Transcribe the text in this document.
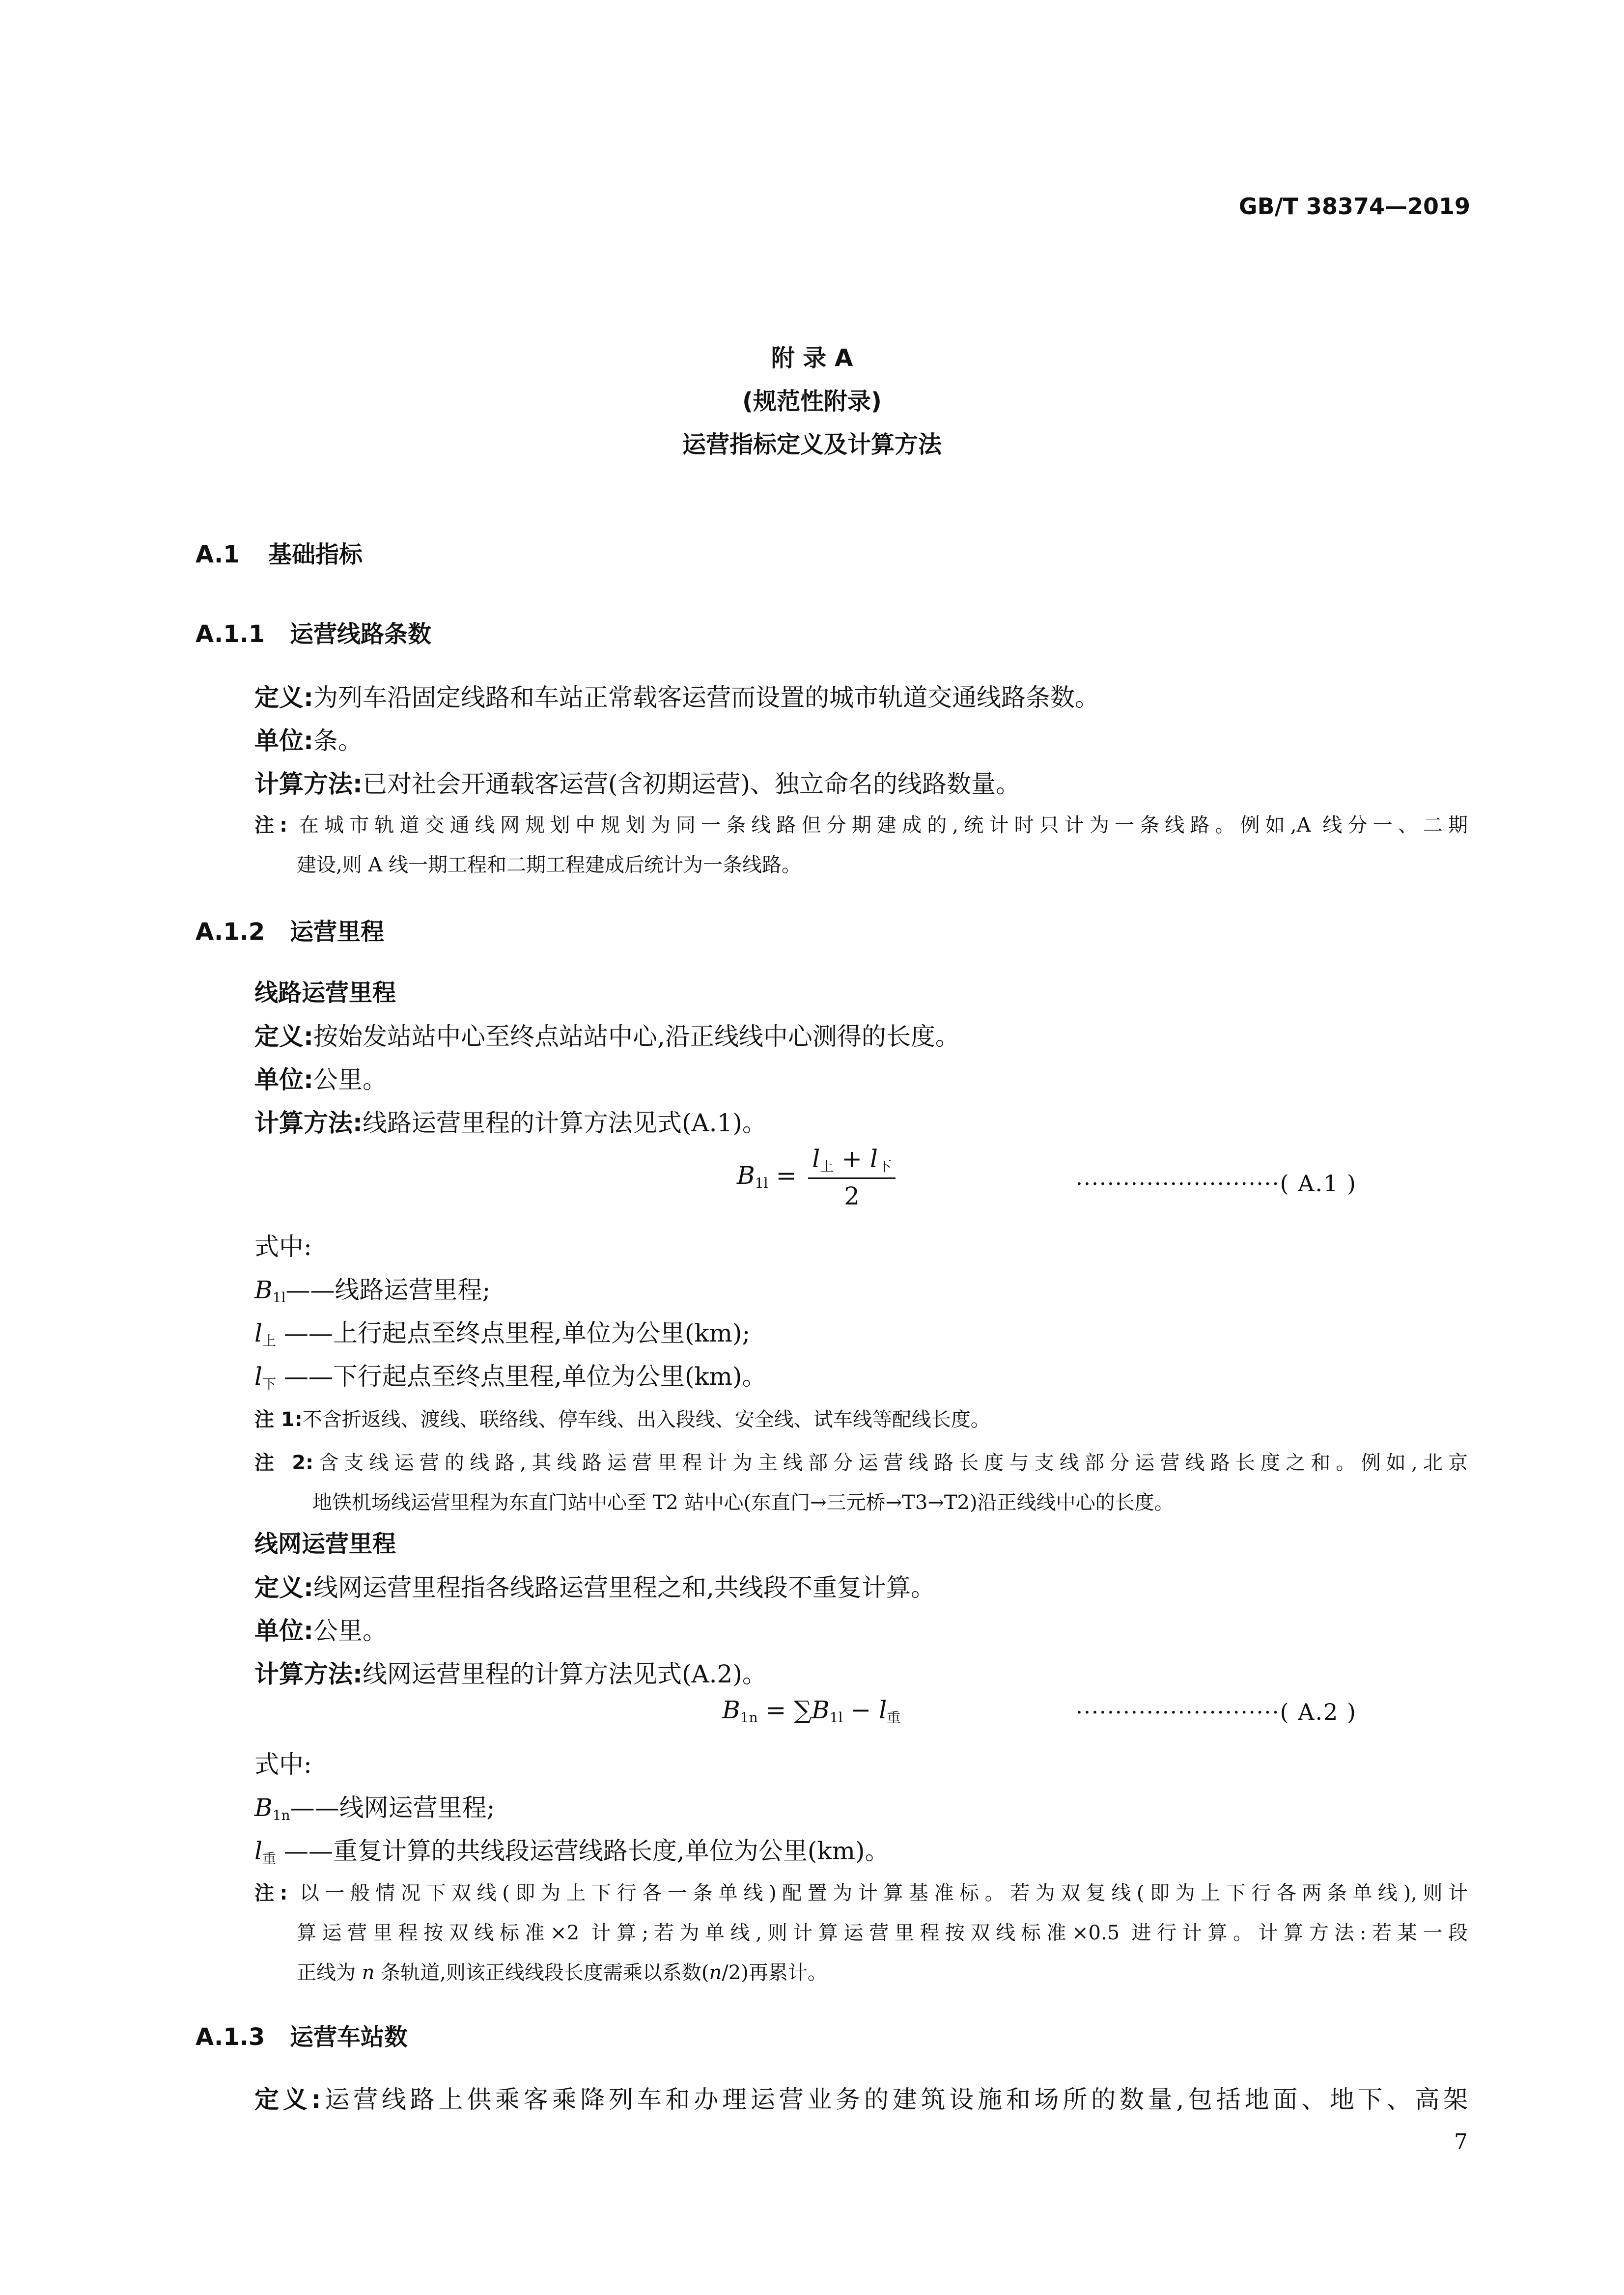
GB/T 38374—2019
附 录 A
(规范性附录)
运营指标定义及计算方法
A.1 基础指标
A.1.1 运营线路条数
定义:为列车沿固定线路和车站正常载客运营而设置的城市轨道交通线路条数。
单位:条。
计算方法:已对社会开通载客运营(含初期运营)、独立命名的线路数量。
注: 在城市轨道交通线网规划中规划为同一条线路但分期建成的,统计时只计为一条线路。例如,A 线分一、二期
建设,则 A 线一期工程和二期工程建成后统计为一条线路。
A.1.2 运营里程
线路运营里程
定义:按始发站站中心至终点站站中心,沿正线线中心测得的长度。
单位:公里。
计算方法:线路运营里程的计算方法见式(A.1)。
$B1l = \frac{\text{l上 + l下}}{2}$	··························( A.1 )
式中:
B1l——线路运营里程;
l上 ——上行起点至终点里程,单位为公里(km);
l下 ——下行起点至终点里程,单位为公里(km)。
注 1:不含折返线、渡线、联络线、停车线、出入段线、安全线、试车线等配线长度。
注 2:含支线运营的线路,其线路运营里程计为主线部分运营线路长度与支线部分运营线路长度之和。例如,北京
地铁机场线运营里程为东直门站中心至 T2 站中心(东直门→三元桥→T3→T2)沿正线线中心的长度。
线网运营里程
定义:线网运营里程指各线路运营里程之和,共线段不重复计算。
单位:公里。
计算方法:线网运营里程的计算方法见式(A.2)。
B1n = ∑B1l − l重	··························( A.2 )
式中:
B1n——线网运营里程;
l重 ——重复计算的共线段运营线路长度,单位为公里(km)。
注: 以一般情况下双线(即为上下行各一条单线)配置为计算基准标。若为双复线(即为上下行各两条单线),则计
算运营里程按双线标准×2 计算;若为单线,则计算运营里程按双线标准×0.5 进行计算。计算方法:若某一段
正线为 n 条轨道,则该正线线段长度需乘以系数(n/2)再累计。
A.1.3 运营车站数
定义:运营线路上供乘客乘降列车和办理运营业务的建筑设施和场所的数量,包括地面、地下、高架
7
